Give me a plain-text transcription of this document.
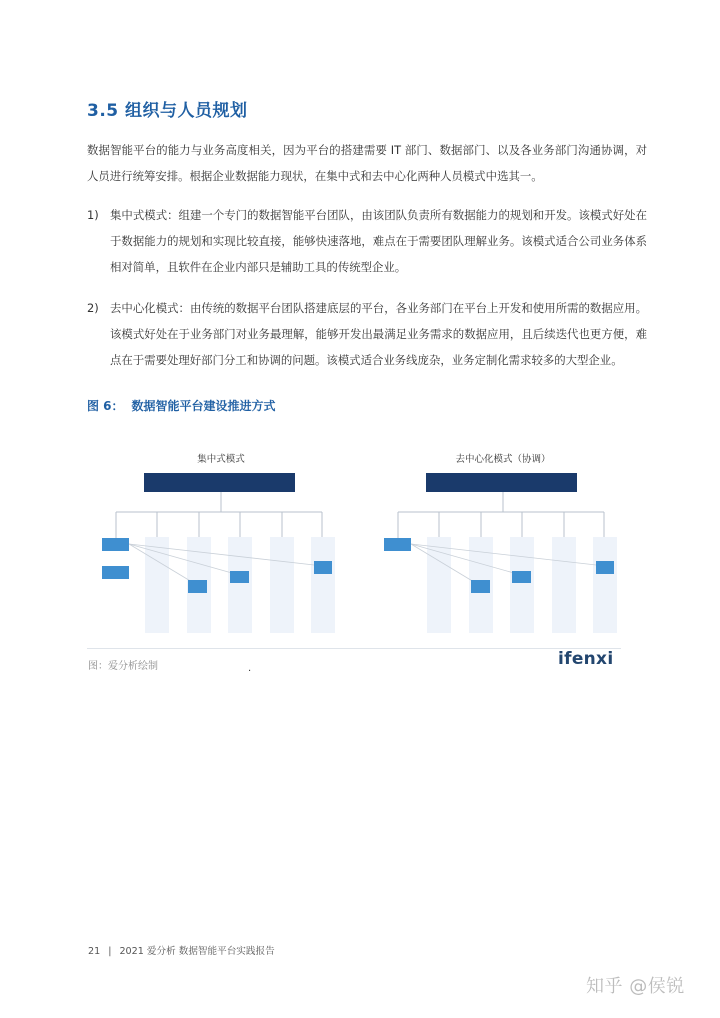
3.5 组织与人员规划
数据智能平台的能力与业务高度相关，因为平台的搭建需要 IT 部门、数据部门、以及各业务部门沟通协调，对人员进行统筹安排。根据企业数据能力现状，在集中式和去中心化两种人员模式中选其一。
1) 集中式模式：组建一个专门的数据智能平台团队，由该团队负责所有数据能力的规划和开发。该模式好处在于数据能力的规划和实现比较直接，能够快速落地，难点在于需要团队理解业务。该模式适合公司业务体系相对简单，且软件在企业内部只是辅助工具的传统型企业。
2) 去中心化模式：由传统的数据平台团队搭建底层的平台，各业务部门在平台上开发和使用所需的数据应用。该模式好处在于业务部门对业务最理解，能够开发出最满足业务需求的数据应用，且后续迭代也更方便，难点在于需要处理好部门分工和协调的问题。该模式适合业务线庞杂，业务定制化需求较多的大型企业。
图 6： 数据智能平台建设推进方式
集中式模式	去中心化模式（协调）
图：爱分析绘制	.	ifenxi
21 | 2021 爱分析 数据智能平台实践报告
知乎 @侯锐
